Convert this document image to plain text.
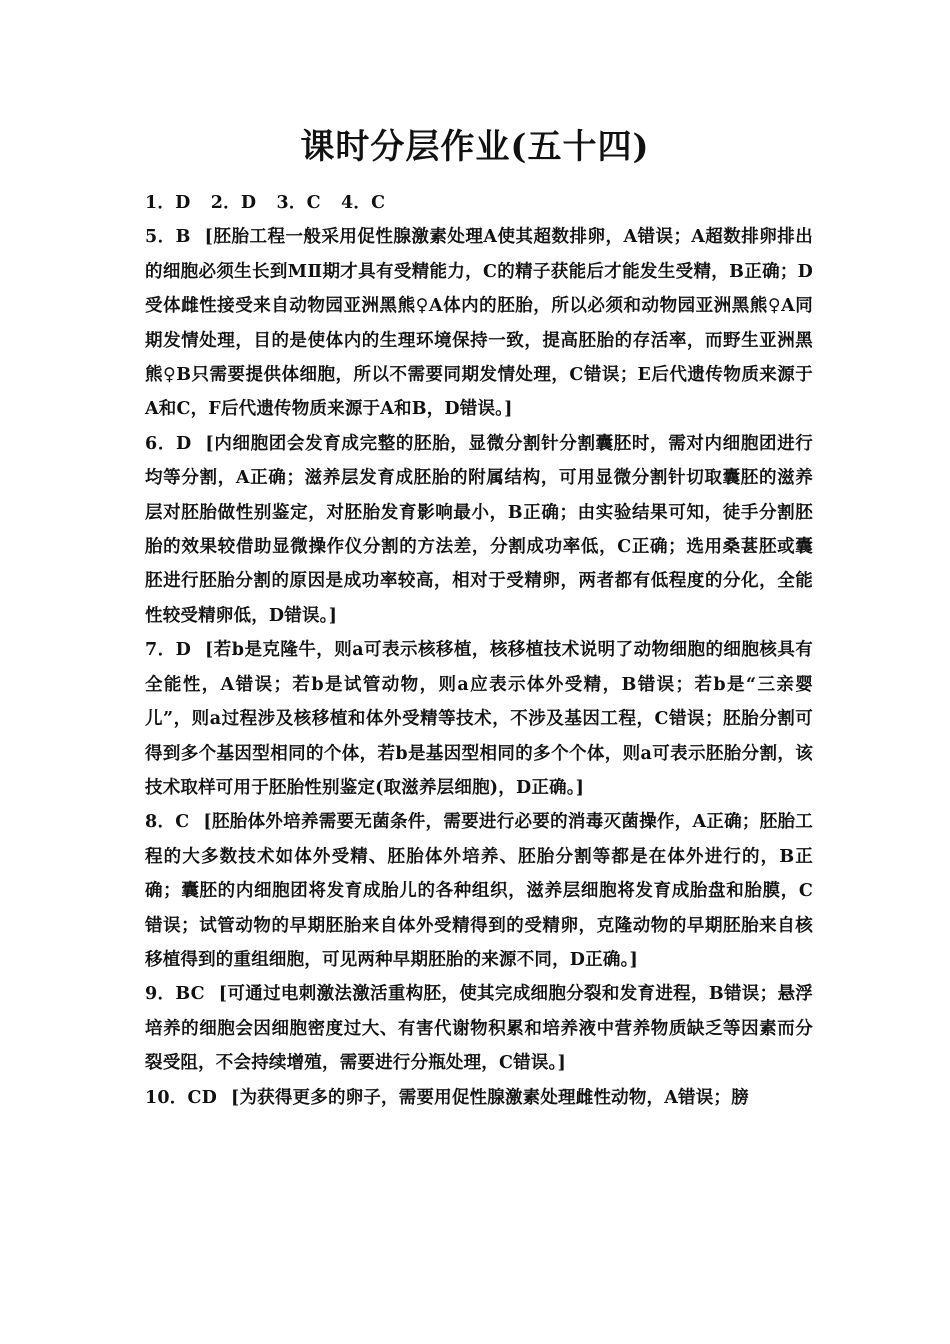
课时分层作业(五十四)

1．D 2．D 3．C 4．C

5．B [胚胎工程一般采用促性腺激素处理A使其超数排卵，A错误；A超数排卵排出的细胞必须生长到MⅡ期才具有受精能力，C的精子获能后才能发生受精，B正确；D受体雌性接受来自动物园亚洲黑熊♀A体内的胚胎，所以必须和动物园亚洲黑熊♀A同期发情处理，目的是使体内的生理环境保持一致，提高胚胎的存活率，而野生亚洲黑熊♀B只需要提供体细胞，所以不需要同期发情处理，C错误；E后代遗传物质来源于A和C，F后代遗传物质来源于A和B，D错误。]

6．D [内细胞团会发育成完整的胚胎，显微分割针分割囊胚时，需对内细胞团进行均等分割，A正确；滋养层发育成胚胎的附属结构，可用显微分割针切取囊胚的滋养层对胚胎做性别鉴定，对胚胎发育影响最小，B正确；由实验结果可知，徒手分割胚胎的效果较借助显微操作仪分割的方法差，分割成功率低，C正确；选用桑葚胚或囊胚进行胚胎分割的原因是成功率较高，相对于受精卵，两者都有低程度的分化，全能性较受精卵低，D错误。]

7．D [若b是克隆牛，则a可表示核移植，核移植技术说明了动物细胞的细胞核具有全能性，A错误；若b是试管动物，则a应表示体外受精，B错误；若b是“三亲婴儿”，则a过程涉及核移植和体外受精等技术，不涉及基因工程，C错误；胚胎分割可得到多个基因型相同的个体，若b是基因型相同的多个个体，则a可表示胚胎分割，该技术取样可用于胚胎性别鉴定(取滋养层细胞)，D正确。]

8．C [胚胎体外培养需要无菌条件，需要进行必要的消毒灭菌操作，A正确；胚胎工程的大多数技术如体外受精、胚胎体外培养、胚胎分割等都是在体外进行的，B正确；囊胚的内细胞团将发育成胎儿的各种组织，滋养层细胞将发育成胎盘和胎膜，C错误；试管动物的早期胚胎来自体外受精得到的受精卵，克隆动物的早期胚胎来自核移植得到的重组细胞，可见两种早期胚胎的来源不同，D正确。]

9．BC [可通过电刺激法激活重构胚，使其完成细胞分裂和发育进程，B错误；悬浮培养的细胞会因细胞密度过大、有害代谢物积累和培养液中营养物质缺乏等因素而分裂受阻，不会持续增殖，需要进行分瓶处理，C错误。]

10．CD [为获得更多的卵子，需要用促性腺激素处理雌性动物，A错误；膀
